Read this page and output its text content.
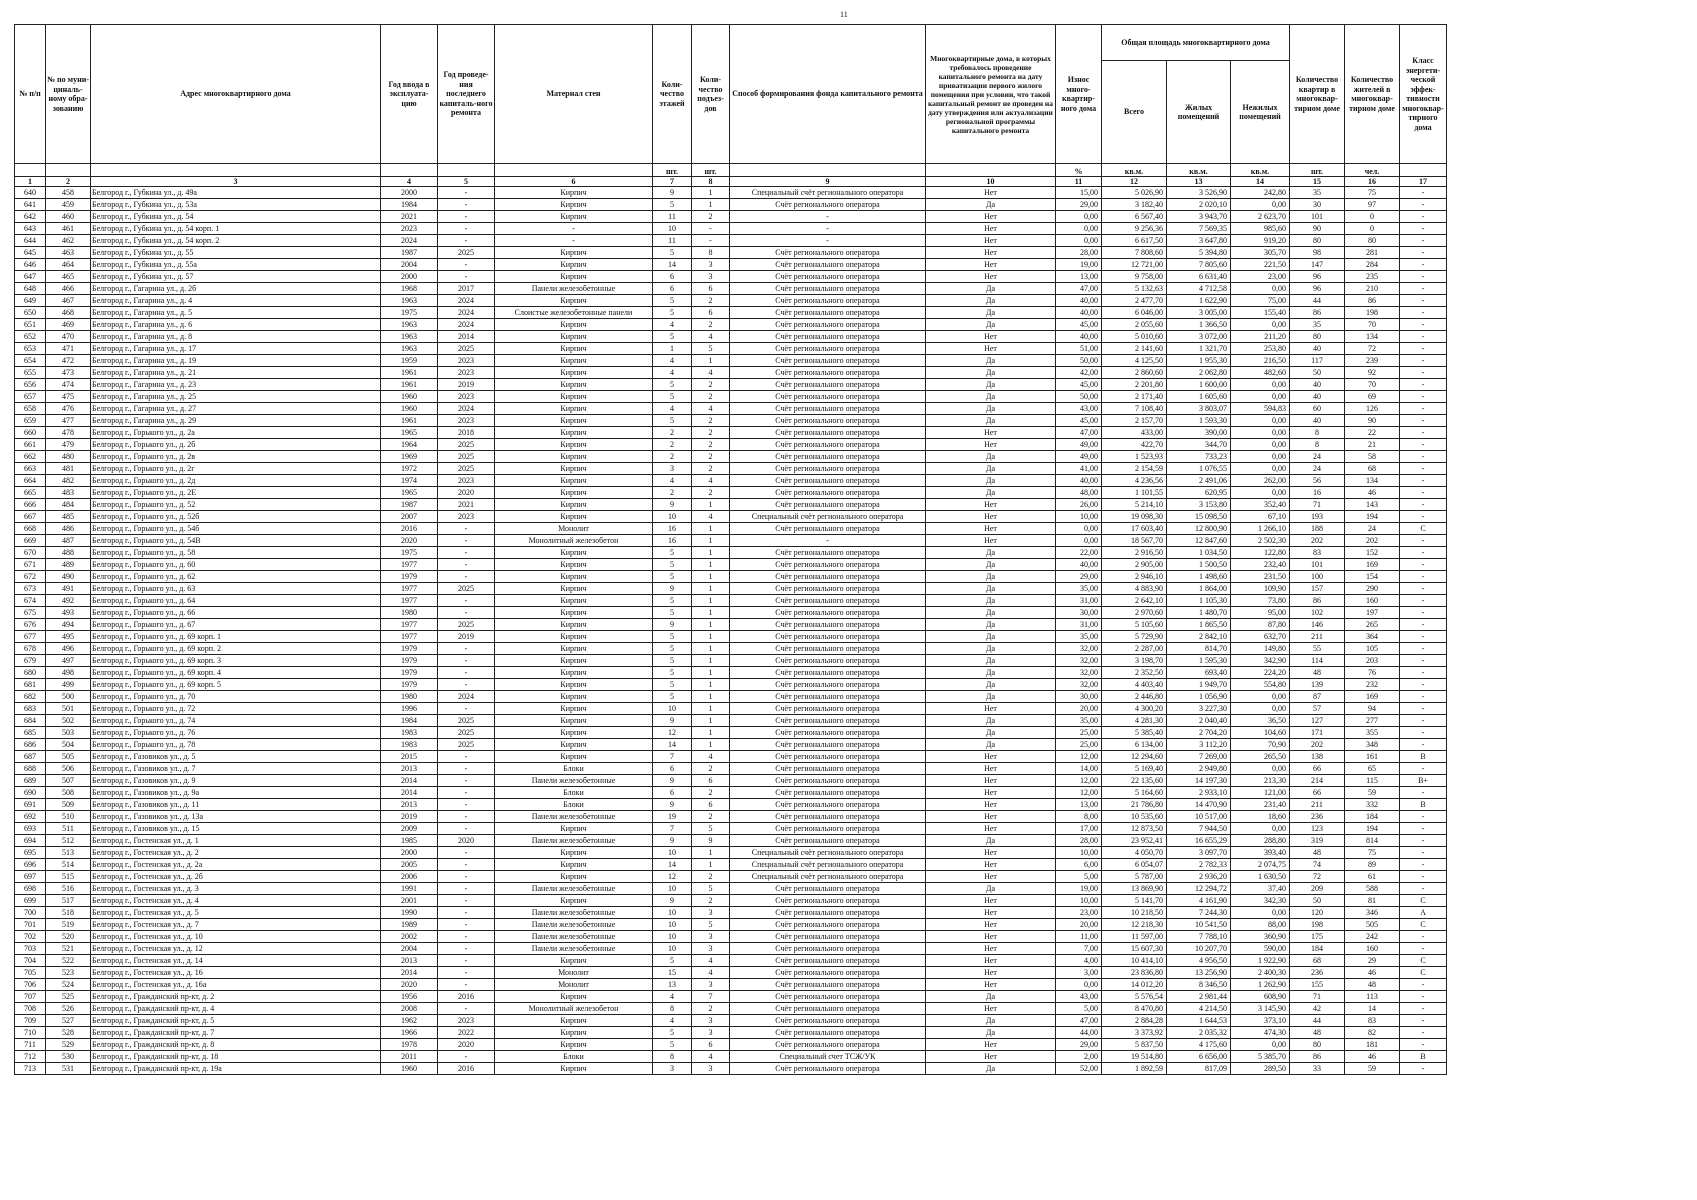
11
№ п/п	№ по муни-циналь-ному обра-зованию	Адрес многоквартирного дома	Год ввода в эксплуата-цию	Год проведе-ния последнего капиталь-ного ремонта	Материал стен	Коли-чество этажей	Коли-чество подъез-дов	Способ формирования фонда капитального ремонта	Многоквартирные дома, в которых требовалось проведение капитального ремонта на дату приватизации первого жилого помещения при условии, что такой капитальный ремонт не проведен на дату утверждения или актуализации региональной программы капитального ремонта	Износ много-квартир-ного дома	Общая площадь многоквартирного дома			Количество квартир в многоквар-тирном доме	Количество жителей в многоквар-тирном доме	Класс энергети-ческой эффек-тивности многоквар-тирного дома
											Всего	Жилых помещений	Нежилых помещений			
						шт.	шт.			%	кв.м.	кв.м.	кв.м.	шт.	чел.	
1	2	3	4	5	6	7	8	9	10	11	12	13	14	15	16	17
640	458	Белгород г., Губкина ул., д. 49а	2000	-	Кирпич	9	1	Специальный счёт регионального оператора	Нет	15,00	5 026,90	3 526,90	242,80	35	75	-
641	459	Белгород г., Губкина ул., д. 53а	1984	-	Кирпич	5	1	Счёт регионального оператора	Да	29,00	3 182,40	2 020,10	0,00	30	97	-
642	460	Белгород г., Губкина ул., д. 54	2021	-	Кирпич	11	2	-	Нет	0,00	6 567,40	3 943,70	2 623,70	101	0	-
643	461	Белгород г., Губкина ул., д. 54 корп. 1	2023	-	-	10	-	-	Нет	0,00	9 256,36	7 569,35	985,60	90	0	-
644	462	Белгород г., Губкина ул., д. 54 корп. 2	2024	-	-	11	-	-	Нет	0,00	6 617,50	3 647,80	919,20	80	80	-
645	463	Белгород г., Губкина ул., д. 55	1987	2025	Кирпич	5	8	Счёт регионального оператора	Нет	28,00	7 808,60	5 394,80	305,70	98	281	-
646	464	Белгород г., Губкина ул., д. 55а	2004	-	Кирпич	14	3	Счёт регионального оператора	Нет	19,00	12 721,00	7 805,60	221,50	147	284	-
647	465	Белгород г., Губкина ул., д. 57	2000	-	Кирпич	6	3	Счёт регионального оператора	Нет	13,00	9 758,00	6 631,40	23,00	96	235	-
648	466	Белгород г., Гагарина ул., д. 2б	1968	2017	Панели железобетонные	6	6	Счёт регионального оператора	Да	47,00	5 132,63	4 712,58	0,00	96	210	-
649	467	Белгород г., Гагарина ул., д. 4	1963	2024	Кирпич	5	2	Счёт регионального оператора	Да	40,00	2 477,70	1 622,90	75,00	44	86	-
650	468	Белгород г., Гагарина ул., д. 5	1975	2024	Слоистые железобетонные панели	5	6	Счёт регионального оператора	Да	40,00	6 046,00	3 005,00	155,40	86	198	-
651	469	Белгород г., Гагарина ул., д. 6	1963	2024	Кирпич	4	2	Счёт регионального оператора	Да	45,00	2 055,60	1 366,50	0,00	35	70	-
652	470	Белгород г., Гагарина ул., д. 8	1963	2014	Кирпич	5	4	Счёт регионального оператора	Нет	40,00	5 010,60	3 072,00	211,20	80	134	-
653	471	Белгород г., Гагарина ул., д. 17	1963	2025	Кирпич	1	5	Счёт регионального оператора	Нет	51,00	2 141,60	1 321,70	253,80	40	72	-
654	472	Белгород г., Гагарина ул., д. 19	1959	2023	Кирпич	4	1	Счёт регионального оператора	Да	50,00	4 125,50	1 955,30	216,50	117	239	-
655	473	Белгород г., Гагарина ул., д. 21	1961	2023	Кирпич	4	4	Счёт регионального оператора	Да	42,00	2 860,60	2 062,80	482,60	50	92	-
656	474	Белгород г., Гагарина ул., д. 23	1961	2019	Кирпич	5	2	Счёт регионального оператора	Да	45,00	2 201,80	1 600,00	0,00	40	70	-
657	475	Белгород г., Гагарина ул., д. 25	1960	2023	Кирпич	5	2	Счёт регионального оператора	Да	50,00	2 171,40	1 605,60	0,00	40	69	-
658	476	Белгород г., Гагарина ул., д. 27	1960	2024	Кирпич	4	4	Счёт регионального оператора	Да	43,00	7 108,40	3 803,07	594,83	60	126	-
659	477	Белгород г., Гагарина ул., д. 29	1961	2023	Кирпич	5	2	Счёт регионального оператора	Да	45,00	2 157,70	1 593,30	0,00	40	90	-
660	478	Белгород г., Горького ул., д. 2а	1965	2018	Кирпич	2	2	Счёт регионального оператора	Нет	47,00	433,00	390,00	0,00	8	22	-
661	479	Белгород г., Горького ул., д. 2б	1964	2025	Кирпич	2	2	Счёт регионального оператора	Нет	49,00	422,70	344,70	0,00	8	21	-
662	480	Белгород г., Горького ул., д. 2в	1969	2025	Кирпич	2	2	Счёт регионального оператора	Да	49,00	1 523,93	733,23	0,00	24	58	-
663	481	Белгород г., Горького ул., д. 2г	1972	2025	Кирпич	3	2	Счёт регионального оператора	Да	41,00	2 154,59	1 076,55	0,00	24	68	-
664	482	Белгород г., Горького ул., д. 2д	1974	2023	Кирпич	4	4	Счёт регионального оператора	Да	40,00	4 236,56	2 491,06	262,00	56	134	-
665	483	Белгород г., Горького ул., д. 2Е	1965	2020	Кирпич	2	2	Счёт регионального оператора	Да	48,00	1 101,55	620,95	0,00	16	46	-
666	484	Белгород г., Горького ул., д. 52	1987	2021	Кирпич	9	1	Счёт регионального оператора	Нет	26,00	5 214,10	3 153,80	352,40	71	143	-
667	485	Белгород г., Горького ул., д. 52б	2007	2023	Кирпич	10	4	Специальный счёт регионального оператора	Нет	10,00	19 098,30	15 098,50	67,10	193	194	-
668	486	Белгород г., Горького ул., д. 54б	2016	-	Монолит	16	1	Счёт регионального оператора	Нет	0,00	17 603,40	12 800,90	1 266,10	188	24	С
669	487	Белгород г., Горького ул., д. 54В	2020	-	Монолитный железобетон	16	1	-	Нет	0,00	18 567,70	12 847,60	2 502,30	202	202	-
670	488	Белгород г., Горького ул., д. 58	1975	-	Кирпич	5	1	Счёт регионального оператора	Да	22,00	2 916,50	1 034,50	122,80	83	152	-
671	489	Белгород г., Горького ул., д. 60	1977	-	Кирпич	5	1	Счёт регионального оператора	Да	40,00	2 905,00	1 500,50	232,40	101	169	-
672	490	Белгород г., Горького ул., д. 62	1979	-	Кирпич	5	1	Счёт регионального оператора	Да	29,00	2 946,10	1 498,60	231,50	100	154	-
673	491	Белгород г., Горького ул., д. 63	1977	2025	Кирпич	9	1	Счёт регионального оператора	Да	35,00	4 883,90	1 864,00	109,90	157	290	-
674	492	Белгород г., Горького ул., д. 64	1977	-	Кирпич	5	1	Счёт регионального оператора	Да	31,00	2 642,10	1 105,30	73,80	86	160	-
675	493	Белгород г., Горького ул., д. 66	1980	-	Кирпич	5	1	Счёт регионального оператора	Да	30,00	2 970,60	1 480,70	95,00	102	197	-
676	494	Белгород г., Горького ул., д. 67	1977	2025	Кирпич	9	1	Счёт регионального оператора	Да	31,00	5 105,60	1 865,50	87,80	146	265	-
677	495	Белгород г., Горького ул., д. 69 корп. 1	1977	2019	Кирпич	5	1	Счёт регионального оператора	Да	35,00	5 729,90	2 842,10	632,70	211	364	-
678	496	Белгород г., Горького ул., д. 69 корп. 2	1979	-	Кирпич	5	1	Счёт регионального оператора	Да	32,00	2 287,00	814,70	149,80	55	105	-
679	497	Белгород г., Горького ул., д. 69 корп. 3	1979	-	Кирпич	5	1	Счёт регионального оператора	Да	32,00	3 198,70	1 595,30	342,90	114	203	-
680	498	Белгород г., Горького ул., д. 69 корп. 4	1979	-	Кирпич	5	1	Счёт регионального оператора	Да	32,00	2 352,50	693,40	224,20	48	76	-
681	499	Белгород г., Горького ул., д. 69 корп. 5	1979	-	Кирпич	5	1	Счёт регионального оператора	Да	32,00	4 403,40	1 949,70	554,80	139	232	-
682	500	Белгород г., Горького ул., д. 70	1980	2024	Кирпич	5	1	Счёт регионального оператора	Да	30,00	2 446,80	1 056,90	0,00	87	169	-
683	501	Белгород г., Горького ул., д. 72	1996	-	Кирпич	10	1	Счёт регионального оператора	Нет	20,00	4 300,20	3 227,30	0,00	57	94	-
684	502	Белгород г., Горького ул., д. 74	1984	2025	Кирпич	9	1	Счёт регионального оператора	Да	35,00	4 281,30	2 040,40	36,50	127	277	-
685	503	Белгород г., Горького ул., д. 76	1983	2025	Кирпич	12	1	Счёт регионального оператора	Да	25,00	5 385,40	2 704,20	104,60	171	355	-
686	504	Белгород г., Горького ул., д. 78	1983	2025	Кирпич	14	1	Счёт регионального оператора	Да	25,00	6 134,00	3 112,20	70,90	202	348	-
687	505	Белгород г., Газовиков ул., д. 5	2015	-	Кирпич	7	4	Счёт регионального оператора	Нет	12,00	12 294,60	7 269,00	265,50	138	161	В
688	506	Белгород г., Газовиков ул., д. 7	2013	-	Блоки	6	2	Счёт регионального оператора	Нет	14,00	5 169,40	2 949,80	0,00	66	65	-
689	507	Белгород г., Газовиков ул., д. 9	2014	-	Панели железобетонные	9	6	Счёт регионального оператора	Нет	12,00	22 135,60	14 197,30	213,30	214	115	В+
690	508	Белгород г., Газовиков ул., д. 9а	2014	-	Блоки	6	2	Счёт регионального оператора	Нет	12,00	5 164,60	2 933,10	121,00	66	59	-
691	509	Белгород г., Газовиков ул., д. 11	2013	-	Блоки	9	6	Счёт регионального оператора	Нет	13,00	21 786,80	14 470,90	231,40	211	332	В
692	510	Белгород г., Газовиков ул., д. 13а	2019	-	Панели железобетонные	19	2	Счёт регионального оператора	Нет	8,00	10 535,60	10 517,00	18,60	236	184	-
693	511	Белгород г., Газовиков ул., д. 15	2009	-	Кирпич	7	5	Счёт регионального оператора	Нет	17,00	12 873,50	7 944,50	0,00	123	194	-
694	512	Белгород г., Гостенская ул., д. 1	1985	2020	Панели железобетонные	9	9	Счёт регионального оператора	Да	28,00	23 952,41	16 655,29	288,80	319	814	-
695	513	Белгород г., Гостенская ул., д. 2	2000	-	Кирпич	10	1	Специальный счёт регионального оператора	Нет	10,00	4 050,70	3 097,70	393,40	48	75	-
696	514	Белгород г., Гостенская ул., д. 2а	2005	-	Кирпич	14	1	Специальный счёт регионального оператора	Нет	6,00	6 054,07	2 782,33	2 074,75	74	89	-
697	515	Белгород г., Гостенская ул., д. 2б	2006	-	Кирпич	12	2	Специальный счёт регионального оператора	Нет	5,00	5 787,00	2 936,20	1 630,50	72	61	-
698	516	Белгород г., Гостенская ул., д. 3	1991	-	Панели железобетонные	10	5	Счёт регионального оператора	Да	19,00	13 869,90	12 294,72	37,40	209	588	-
699	517	Белгород г., Гостенская ул., д. 4	2001	-	Кирпич	9	2	Счёт регионального оператора	Нет	10,00	5 141,70	4 161,90	342,30	50	81	С
700	518	Белгород г., Гостенская ул., д. 5	1990	-	Панели железобетонные	10	3	Счёт регионального оператора	Нет	23,00	10 218,50	7 244,30	0,00	120	346	А
701	519	Белгород г., Гостенская ул., д. 7	1989	-	Панели железобетонные	10	5	Счёт регионального оператора	Нет	20,00	12 218,30	10 541,50	88,00	198	505	С
702	520	Белгород г., Гостенская ул., д. 10	2002	-	Панели железобетонные	10	3	Счёт регионального оператора	Нет	11,00	11 597,00	7 788,10	360,90	175	242	-
703	521	Белгород г., Гостенская ул., д. 12	2004	-	Панели железобетонные	10	3	Счёт регионального оператора	Нет	7,00	15 607,30	10 207,70	590,00	184	160	-
704	522	Белгород г., Гостенская ул., д. 14	2013	-	Кирпич	5	4	Счёт регионального оператора	Нет	4,00	10 414,10	4 956,50	1 922,90	68	29	С
705	523	Белгород г., Гостенская ул., д. 16	2014	-	Монолит	15	4	Счёт регионального оператора	Нет	3,00	23 836,80	13 256,90	2 400,30	236	46	С
706	524	Белгород г., Гостенская ул., д. 16а	2020	-	Монолит	13	3	Счёт регионального оператора	Нет	0,00	14 012,20	8 346,50	1 262,90	155	48	-
707	525	Белгород г., Гражданский пр-кт, д. 2	1956	2016	Кирпич	4	7	Счёт регионального оператора	Да	43,00	5 576,54	2 981,44	608,90	71	113	-
708	526	Белгород г., Гражданский пр-кт, д. 4	2008	-	Монолитный железобетон	8	2	Счёт регионального оператора	Нет	5,00	8 470,80	4 214,50	3 145,90	42	14	-
709	527	Белгород г., Гражданский пр-кт, д. 5	1962	2023	Кирпич	4	3	Счёт регионального оператора	Да	47,00	2 884,28	1 644,53	373,10	44	83	-
710	528	Белгород г., Гражданский пр-кт, д. 7	1966	2022	Кирпич	5	3	Счёт регионального оператора	Да	44,00	3 373,92	2 035,32	474,30	48	82	-
711	529	Белгород г., Гражданский пр-кт, д. 8	1978	2020	Кирпич	5	6	Счёт регионального оператора	Нет	29,00	5 837,50	4 175,60	0,00	80	181	-
712	530	Белгород г., Гражданский пр-кт, д. 18	2011	-	Блоки	8	4	Специальный счет ТСЖ/УК	Нет	2,00	19 514,80	6 656,00	5 385,70	86	46	В
713	531	Белгород г., Гражданский пр-кт, д. 19а	1960	2016	Кирпич	3	3	Счёт регионального оператора	Да	52,00	1 892,59	817,09	289,50	33	59	-
